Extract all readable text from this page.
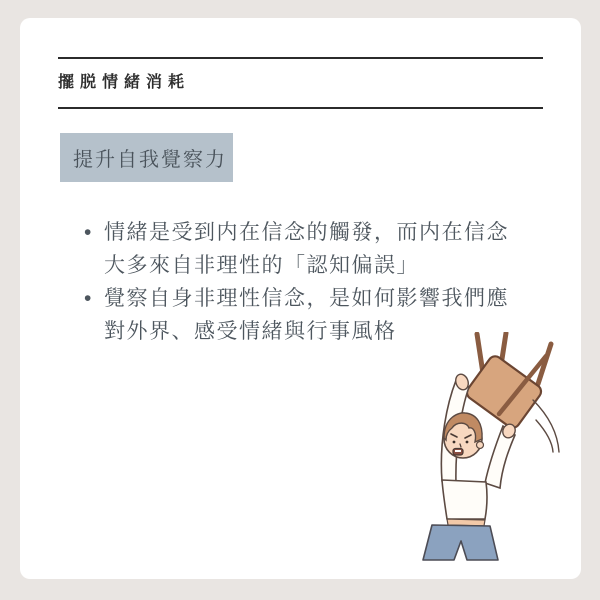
擺脱情緒消耗
提升自我覺察力
• 情緒是受到内在信念的觸發，而内在信念
大多來自非理性的「認知偏誤」
• 覺察自身非理性信念，是如何影響我們應
對外界、感受情緒與行事風格
